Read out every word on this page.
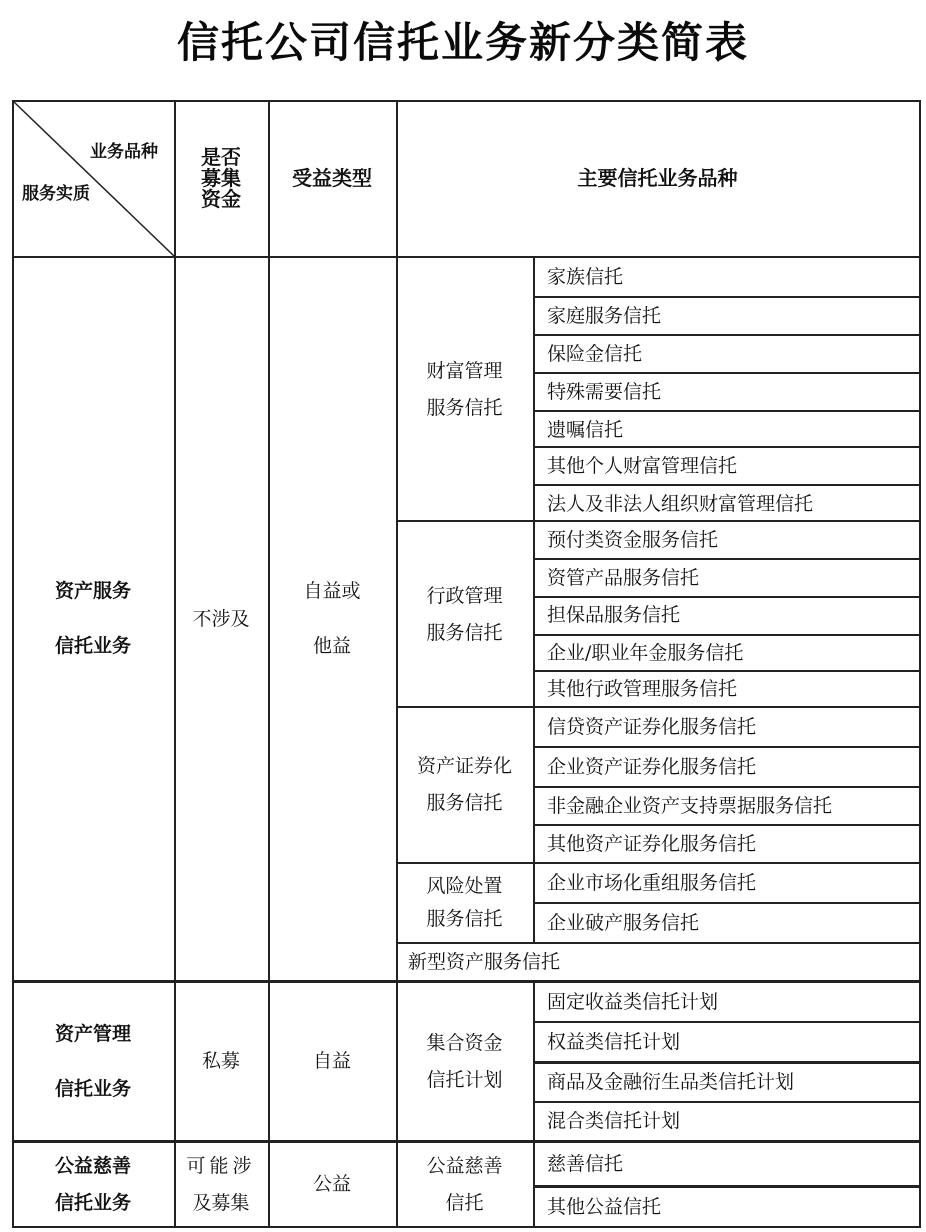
信托公司信托业务新分类简表
业务品种
服务实质
是否
募集
资金
受益类型	主要信托业务品种
资产服务
信托业务
不涉及
自益或
他益
财富管理
服务信托
家族信托
家庭服务信托
保险金信托
特殊需要信托
遗嘱信托
其他个人财富管理信托
法人及非法人组织财富管理信托
行政管理
服务信托
预付类资金服务信托
资管产品服务信托
担保品服务信托
企业/职业年金服务信托
其他行政管理服务信托
资产证券化
服务信托
信贷资产证券化服务信托
企业资产证券化服务信托
非金融企业资产支持票据服务信托
其他资产证券化服务信托
风险处置
服务信托
企业市场化重组服务信托
企业破产服务信托
新型资产服务信托
资产管理
信托业务
私募	自益
集合资金
信托计划
固定收益类信托计划
权益类信托计划
商品及金融衍生品类信托计划
混合类信托计划
公益慈善
信托业务
可能涉
及募集
公益
公益慈善
信托
慈善信托
其他公益信托
